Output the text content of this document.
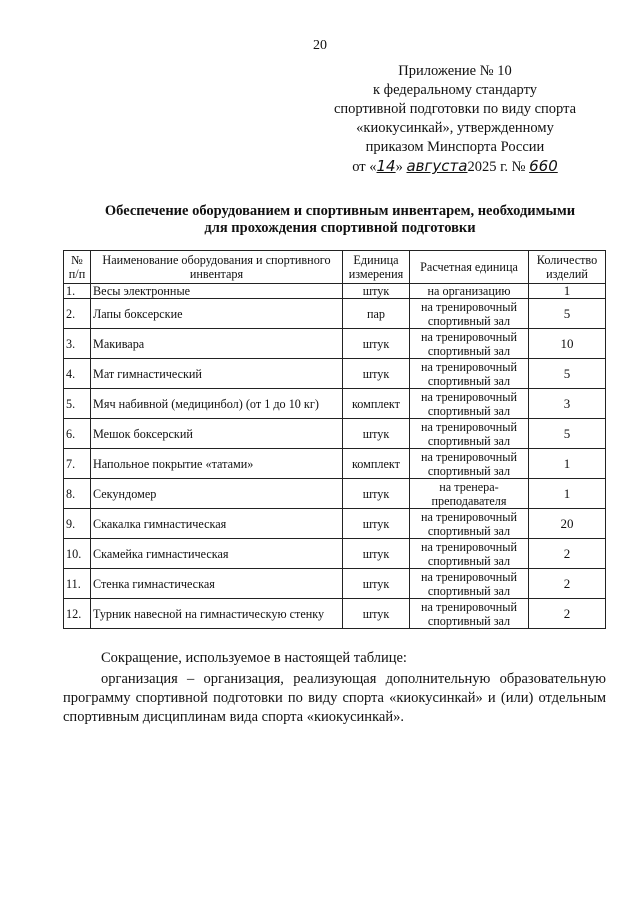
20
Приложение № 10
к федеральному стандарту
спортивной подготовки по виду спорта
«киокусинкай», утвержденному
приказом Минспорта России
от «14» августа2025 г. № 660
Обеспечение оборудованием и спортивным инвентарем, необходимыми
для прохождения спортивной подготовки
№ п/п	Наименование оборудования и спортивного инвентаря	Единица измерения	Расчетная единица	Количество изделий
1.	Весы электронные	штук	на организацию	1
2.	Лапы боксерские	пар	на тренировочный спортивный зал	5
3.	Макивара	штук	на тренировочный спортивный зал	10
4.	Мат гимнастический	штук	на тренировочный спортивный зал	5
5.	Мяч набивной (медицинбол) (от 1 до 10 кг)	комплект	на тренировочный спортивный зал	3
6.	Мешок боксерский	штук	на тренировочный спортивный зал	5
7.	Напольное покрытие «татами»	комплект	на тренировочный спортивный зал	1
8.	Секундомер	штук	на тренера-преподавателя	1
9.	Скакалка гимнастическая	штук	на тренировочный спортивный зал	20
10.	Скамейка гимнастическая	штук	на тренировочный спортивный зал	2
11.	Стенка гимнастическая	штук	на тренировочный спортивный зал	2
12.	Турник навесной на гимнастическую стенку	штук	на тренировочный спортивный зал	2
Сокращение, используемое в настоящей таблице:
организация – организация, реализующая дополнительную образовательную программу спортивной подготовки по виду спорта «киокусинкай» и (или) отдельным спортивным дисциплинам вида спорта «киокусинкай».
